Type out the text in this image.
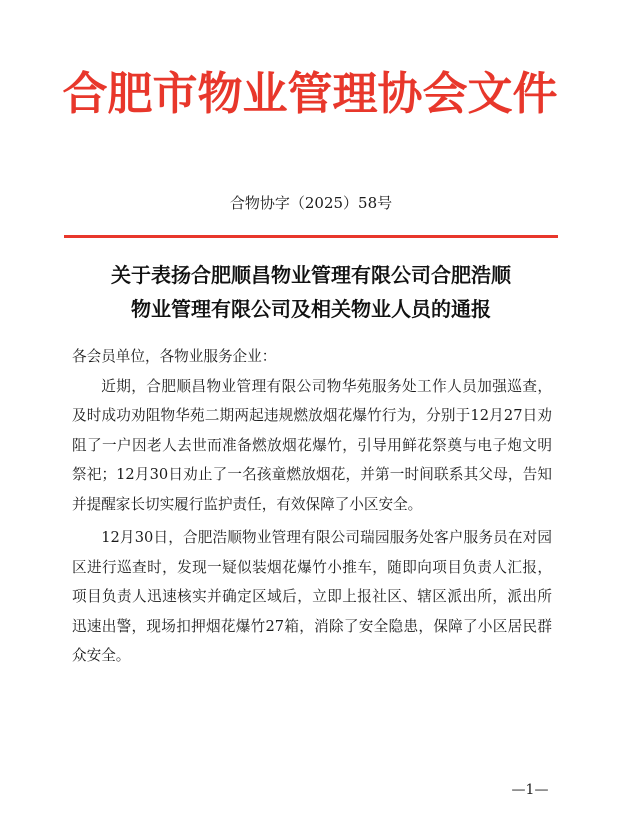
合肥市物业管理协会文件
合物协字（2025）58号
关于表扬合肥顺昌物业管理有限公司合肥浩顺
物业管理有限公司及相关物业人员的通报

各会员单位，各物业服务企业：

近期，合肥顺昌物业管理有限公司物华苑服务处工作人员加强巡查，及时成功劝阻物华苑二期两起违规燃放烟花爆竹行为，分别于12月27日劝阻了一户因老人去世而准备燃放烟花爆竹，引导用鲜花祭奠与电子炮文明祭祀；12月30日劝止了一名孩童燃放烟花，并第一时间联系其父母，告知并提醒家长切实履行监护责任，有效保障了小区安全。

12月30日，合肥浩顺物业管理有限公司瑞园服务处客户服务员在对园区进行巡查时，发现一疑似装烟花爆竹小推车，随即向项目负责人汇报，项目负责人迅速核实并确定区域后，立即上报社区、辖区派出所，派出所迅速出警，现场扣押烟花爆竹27箱，消除了安全隐患，保障了小区居民群众安全。

—1—
